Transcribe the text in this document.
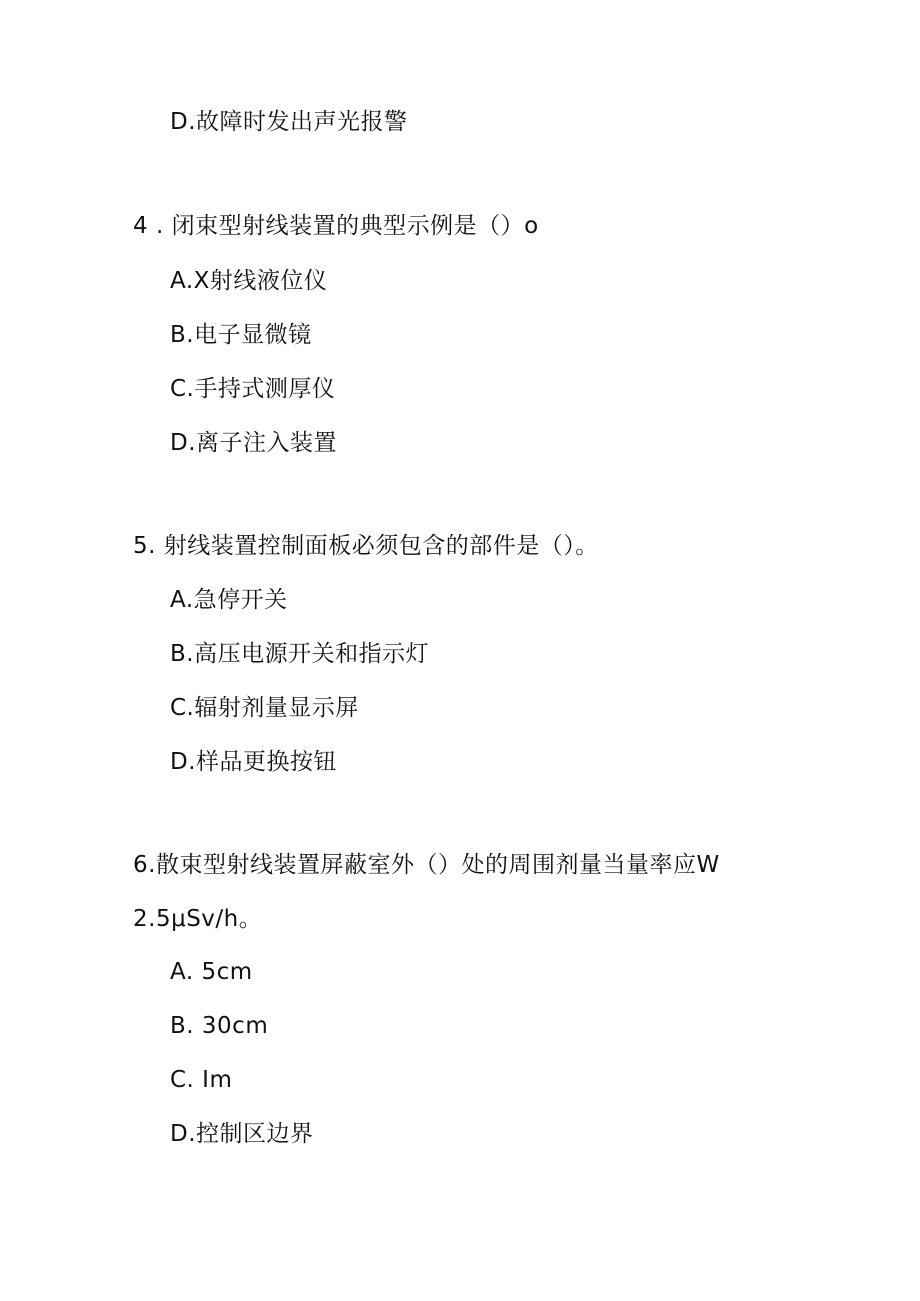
D.故障时发出声光报警
4 . 闭束型射线装置的典型示例是（）o
A.X射线液位仪
B.电子显微镜
C.手持式测厚仪
D.离子注入装置
5. 射线装置控制面板必须包含的部件是（）。
A.急停开关
B.高压电源开关和指示灯
C.辐射剂量显示屏
D.样品更换按钮
6.散束型射线装置屏蔽室外（）处的周围剂量当量率应W
2.5μSv∕h。
A. 5cm
B. 30cm
C. Im
D.控制区边界
